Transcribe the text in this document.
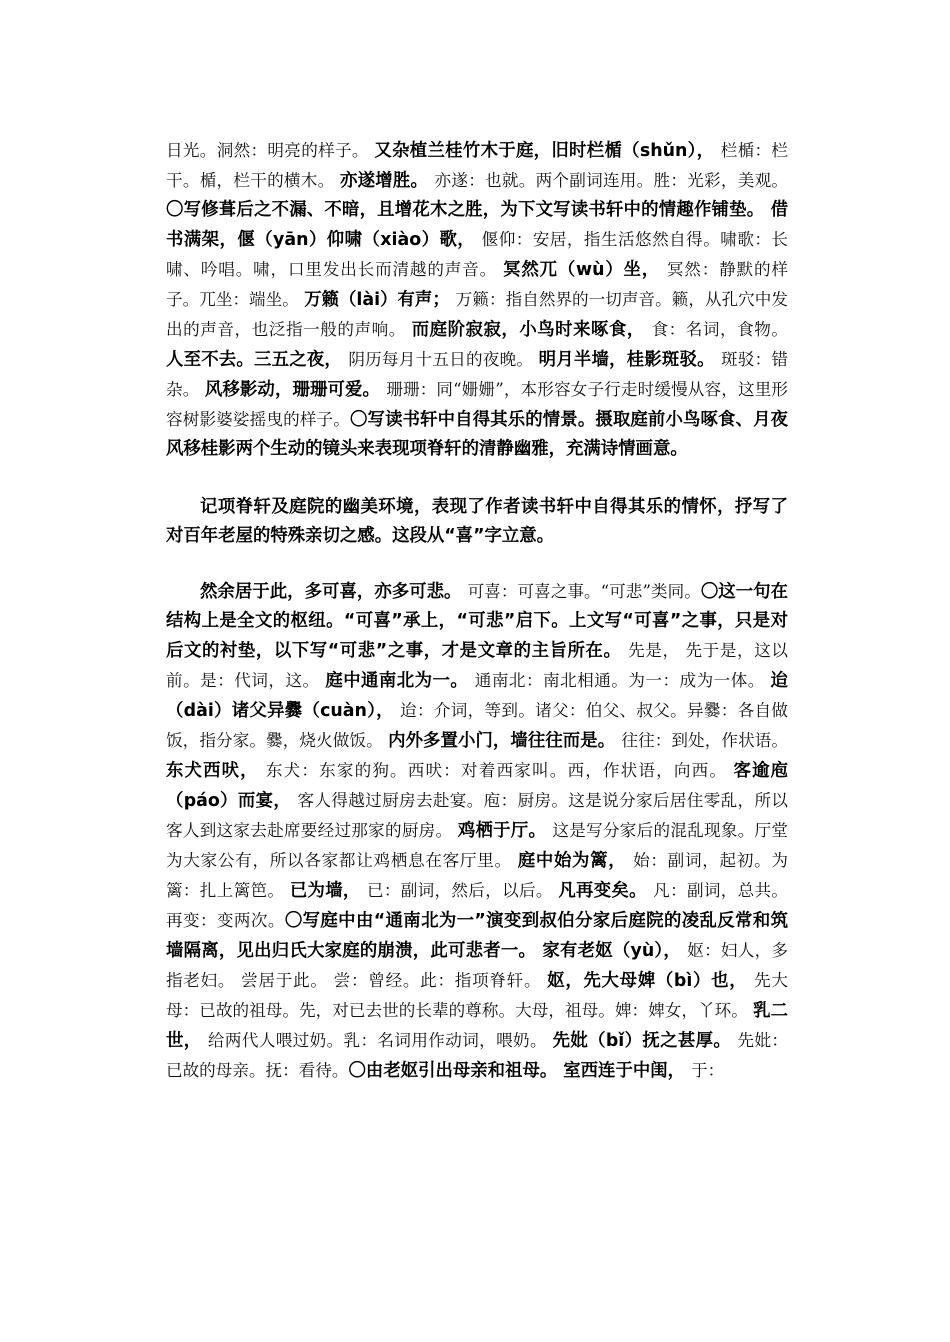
日光。洞然：明亮的样子。 又杂植兰桂竹木于庭，旧时栏楯（shǔn）， 栏楯：栏干。楯，栏干的横木。 亦遂增胜。 亦遂：也就。两个副词连用。胜：光彩，美观。〇写修葺后之不漏、不暗，且增花木之胜，为下文写读书轩中的情趣作铺垫。 借书满架，偃（yān）仰啸（xiào）歌， 偃仰：安居，指生活悠然自得。啸歌：长啸、吟唱。啸，口里发出长而清越的声音。 冥然兀（wù）坐， 冥然：静默的样子。兀坐：端坐。 万籁（lài）有声； 万籁：指自然界的一切声音。籁，从孔穴中发出的声音，也泛指一般的声响。 而庭阶寂寂，小鸟时来啄食， 食：名词，食物。 人至不去。三五之夜， 阴历每月十五日的夜晚。 明月半墙，桂影斑驳。 斑驳：错杂。 风移影动，珊珊可爱。 珊珊：同“姗姗”，本形容女子行走时缓慢从容，这里形容树影婆娑摇曳的样子。〇写读书轩中自得其乐的情景。摄取庭前小鸟啄食、月夜风移桂影两个生动的镜头来表现项脊轩的清静幽雅，充满诗情画意。

记项脊轩及庭院的幽美环境，表现了作者读书轩中自得其乐的情怀，抒写了对百年老屋的特殊亲切之感。这段从“喜”字立意。

然余居于此，多可喜，亦多可悲。 可喜：可喜之事。“可悲”类同。〇这一句在结构上是全文的枢纽。“可喜”承上，“可悲”启下。上文写“可喜”之事，只是对后文的衬垫，以下写“可悲”之事，才是文章的主旨所在。 先是， 先于是，这以前。是：代词，这。 庭中通南北为一。 通南北：南北相通。为一：成为一体。 迨（dài）诸父异爨（cuàn）， 迨：介词，等到。诸父：伯父、叔父。异爨：各自做饭，指分家。爨，烧火做饭。 内外多置小门，墙往往而是。 往往：到处，作状语。 东犬西吠， 东犬：东家的狗。西吠：对着西家叫。西，作状语，向西。 客逾庖（páo）而宴， 客人得越过厨房去赴宴。庖：厨房。这是说分家后居住零乱，所以客人到这家去赴席要经过那家的厨房。 鸡栖于厅。 这是写分家后的混乱现象。厅堂为大家公有，所以各家都让鸡栖息在客厅里。 庭中始为篱， 始：副词，起初。为篱：扎上篱笆。 已为墙， 已：副词，然后，以后。 凡再变矣。 凡：副词，总共。再变：变两次。〇写庭中由“通南北为一”演变到叔伯分家后庭院的凌乱反常和筑墙隔离，见出归氏大家庭的崩溃，此可悲者一。 家有老妪（yù）， 妪：妇人，多指老妇。 尝居于此。 尝：曾经。此：指项脊轩。 妪，先大母婢（bì）也， 先大母：已故的祖母。先，对已去世的长辈的尊称。大母，祖母。婢：婢女，丫环。 乳二世， 给两代人喂过奶。乳：名词用作动词，喂奶。 先妣（bǐ）抚之甚厚。 先妣：已故的母亲。抚：看待。〇由老妪引出母亲和祖母。 室西连于中闺， 于：
